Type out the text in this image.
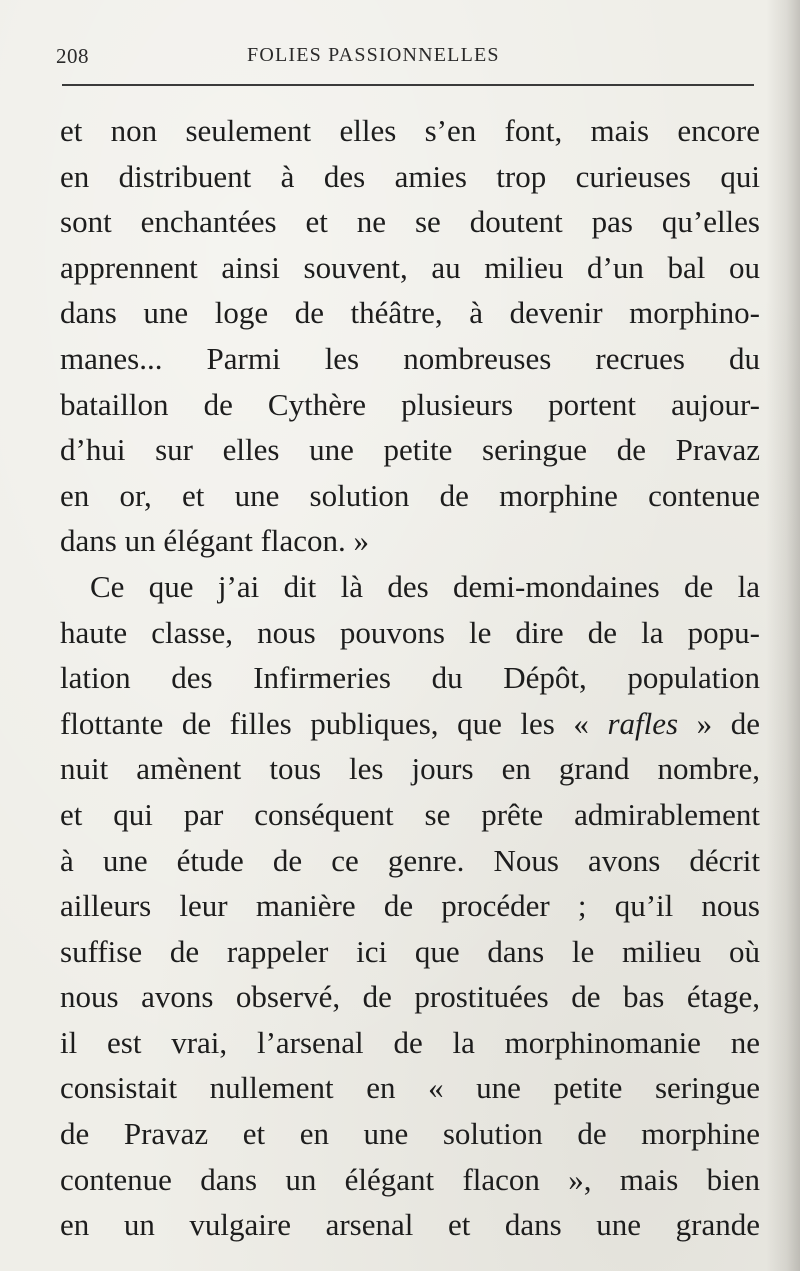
208	FOLIES PASSIONNELLES
et non seulement elles s’en font, mais encore
en distribuent à des amies trop curieuses qui
sont enchantées et ne se doutent pas qu’elles
apprennent ainsi souvent, au milieu d’un bal ou
dans une loge de théâtre, à devenir morphino-
manes... Parmi les nombreuses recrues du
bataillon de Cythère plusieurs portent aujour-
d’hui sur elles une petite seringue de Pravaz
en or, et une solution de morphine contenue
dans un élégant flacon. »
Ce que j’ai dit là des demi-mondaines de la
haute classe, nous pouvons le dire de la popu-
lation des Infirmeries du Dépôt, population
flottante de filles publiques, que les « rafles » de
nuit amènent tous les jours en grand nombre,
et qui par conséquent se prête admirablement
à une étude de ce genre. Nous avons décrit
ailleurs leur manière de procéder ; qu’il nous
suffise de rappeler ici que dans le milieu où
nous avons observé, de prostituées de bas étage,
il est vrai, l’arsenal de la morphinomanie ne
consistait nullement en « une petite seringue
de Pravaz et en une solution de morphine
contenue dans un élégant flacon », mais bien
en un vulgaire arsenal et dans une grande
